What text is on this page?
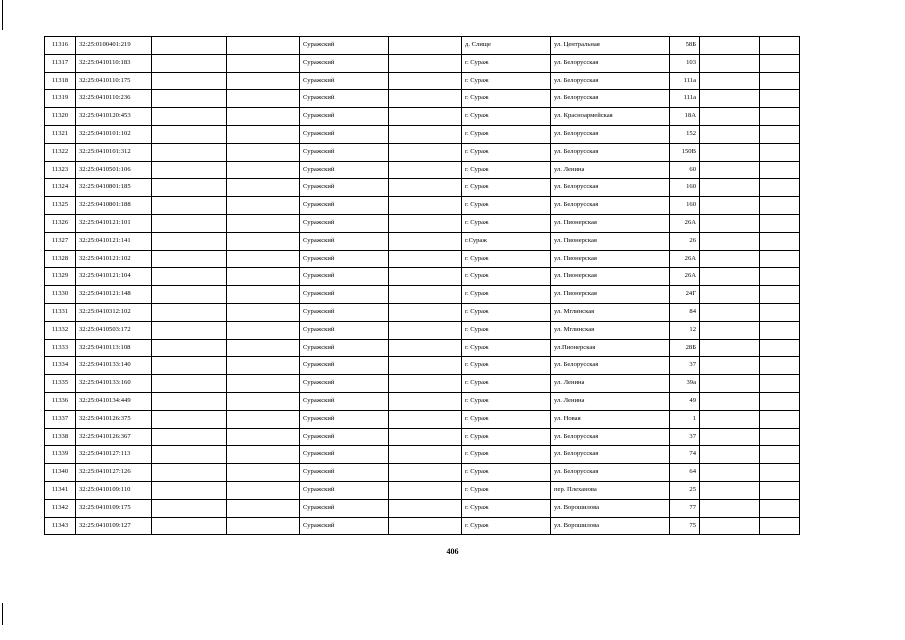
11316	32:25:0100401:219			Суражский		д. Слище	ул. Центральная	58Б		
11317	32:25:0410110:183			Суражский		г. Сураж	ул. Белорусская	103		
11318	32:25:0410110:175			Суражский		г. Сураж	ул. Белорусская	111а		
11319	32:25:0410110:236			Суражский		г. Сураж	ул. Белорусская	111а		
11320	32:25:0410120:453			Суражский		г. Сураж	ул. Красноармейская	18А		
11321	32:25:0410101:102			Суражский		г. Сураж	ул. Белорусская	152		
11322	32:25:0410101:312			Суражский		г. Сураж	ул. Белорусская	150В		
11323	32:25:0410501:106			Суражский		г. Сураж	ул. Ленина	60		
11324	32:25:0410801:185			Суражский		г. Сураж	ул. Белорусская	160		
11325	32:25:0410801:188			Суражский		г. Сураж	ул. Белорусская	160		
11326	32:25:0410121:101			Суражский		г. Сураж	ул. Пионерская	26А		
11327	32:25:0410121:141			Суражский		г.Сураж	ул. Пионерская	26		
11328	32:25:0410121:102			Суражский		г. Сураж	ул. Пионерская	26А		
11329	32:25:0410121:104			Суражский		г. Сураж	ул. Пионерская	26А		
11330	32:25:0410121:148			Суражский		г. Сураж	ул. Пионерская	24Г		
11331	32:25:0410312:102			Суражский		г. Сураж	ул. Мглинская	84		
11332	32:25:0410503:172			Суражский		г. Сураж	ул. Мглинская	12		
11333	32:25:0410113:108			Суражский		г. Сураж	ул.Пионерская	28Б		
11334	32:25:0410133:140			Суражский		г. Сураж	ул. Белорусская	37		
11335	32:25:0410133:160			Суражский		г. Сураж	ул. Ленина	39а		
11336	32:25:0410134:449			Суражский		г. Сураж	ул. Ленина	49		
11337	32:25:0410126:375			Суражский		г. Сураж	ул. Новая	1		
11338	32:25:0410126:367			Суражский		г. Сураж	ул. Белорусская	37		
11339	32:25:0410127:113			Суражский		г. Сураж	ул. Белорусская	74		
11340	32:25:0410127:126			Суражский		г. Сураж	ул. Белорусская	64		
11341	32:25:0410109:110			Суражский		г. Сураж	пер. Плеханова	25		
11342	32:25:0410109:175			Суражский		г. Сураж	ул. Ворошилова	77		
11343	32:25:0410109:127			Суражский		г. Сураж	ул. Ворошилова	75		
406
